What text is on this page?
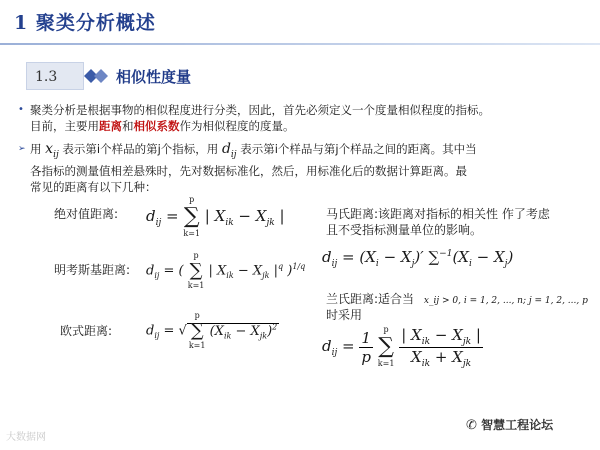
1 聚类分析概述
1.3	相似性度量
• 聚类分析是根据事物的相似程度进行分类，因此，首先必须定义一个度量相似程度的指标。
目前，主要用距离和相似系数作为相似程度的度量。
➢ 用 $x_{ij}$ 表示第i个样品的第j个指标，用 $d_{ij}$ 表示第i个样品与第j个样品之间的距离。其中当
各指标的测量值相差悬殊时，先对数据标准化，然后，用标准化后的数据计算距离。最
常见的距离有以下几种：
绝对值距离: $d_{ij}$ =
p
∑
k=1
| $X_{ik} - X_{jk}$ |
明考斯基距离: $d_{ij}$ = (
p
∑
k=1
| $X_{ik} - X_{jk}$ $|^q$ )$^{1/q}$
欧式距离:	$d_{ij}$ = √
p
∑
k=1
$(X_{ik} - X_{jk})^2$
马氏距离:该距离对指标的相关性 作了考虑
且不受指标测量单位的影响。
$d_{ij} = (X_i - X_j)'$ $\sum^{-1}(X_i - X_j)$
兰氏距离:适合当 x_ij > 0, i = 1, 2, ..., n; j = 1, 2, ..., p
时采用
$d_{ij} = \frac{1}{p}$
	p
∑
k=1
$\frac{| X_{ik} - X_{jk} |}{X_{ik} + X_{jk}}$
大数据网
✆ 智慧工程论坛
